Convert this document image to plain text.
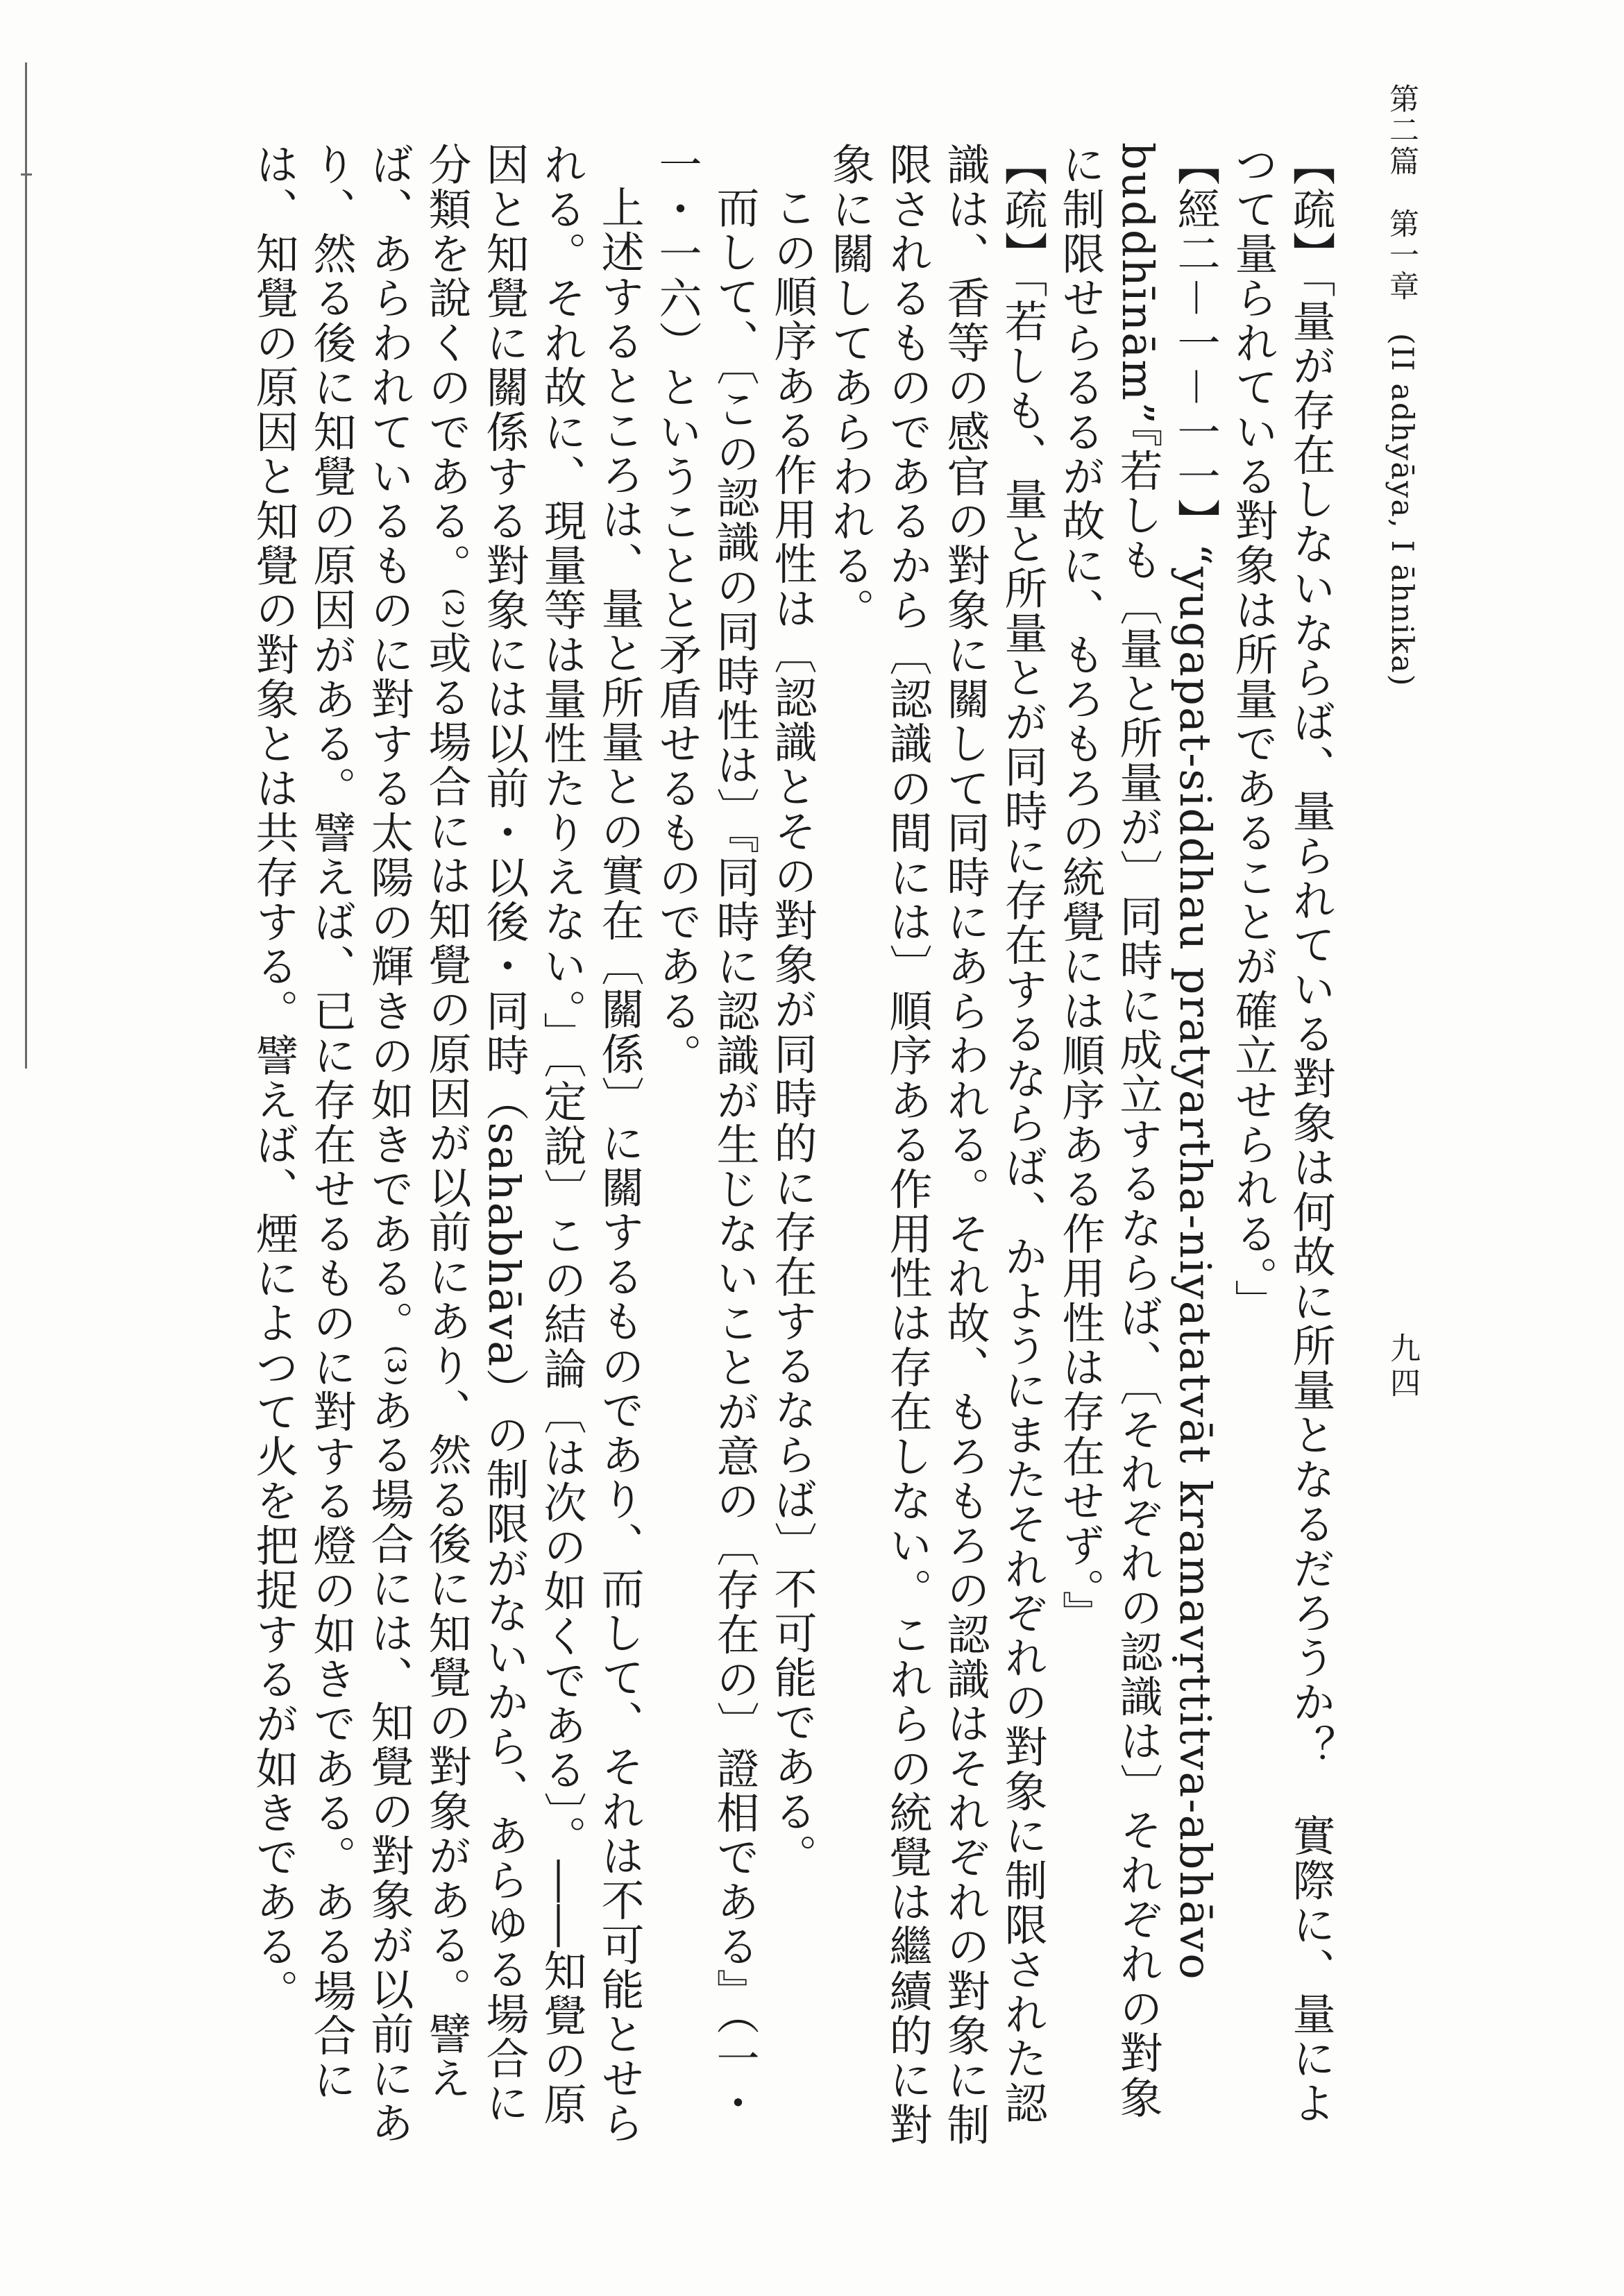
第二篇　第一章　(II adhyāya, I āhnika)
九四

【疏】「量が存在しないならば、量られている對象は何故に所量となるだろうか？　實際に、量によつて量られている對象は所量であることが確立せられる。」

【經二－一－一一】“yugapat-siddhau pratyartha-niyatatvāt kramavṛttitva-abhāvo buddhīnām”『若しも〔量と所量が〕同時に成立するならば、〔それぞれの認識は〕それぞれの對象に制限せらるるが故に、もろもろの統覺には順序ある作用性は存在せず。』

【疏】「若しも、量と所量とが同時に存在するならば、かようにまたそれぞれの對象に制限された認識は、香等の感官の對象に關して同時にあらわれる。それ故、もろもろの認識はそれぞれの對象に制限されるものであるから〔認識の間には〕順序ある作用性は存在しない。これらの統覺は繼續的に對象に關してあらわれる。

この順序ある作用性は〔認識とその對象が同時的に存在するならば〕不可能である。

而して、〔この認識の同時性は〕『同時に認識が生じないことが意の〔存在の〕證相である』（一・一・一六）ということと矛盾せるものである。

上述するところは、量と所量との實在〔關係〕に關するものであり、而して、それは不可能とせられる。それ故に、現量等は量性たりえない。」〔定說〕この結論〔は次の如くである〕。――知覺の原因と知覺に關係する對象には以前・以後・同時（sahabhāva）の制限がないから、あらゆる場合に分類を說くのである。⁽²⁾或る場合には知覺の原因が以前にあり、然る後に知覺の對象がある。譬えば、あらわれているものに對する太陽の輝きの如きである。⁽³⁾ある場合には、知覺の對象が以前にあり、然る後に知覺の原因がある。譬えば、已に存在せるものに對する燈の如きである。ある場合には、知覺の原因と知覺の對象とは共存する。譬えば、煙によつて火を把捉するが如きである。
